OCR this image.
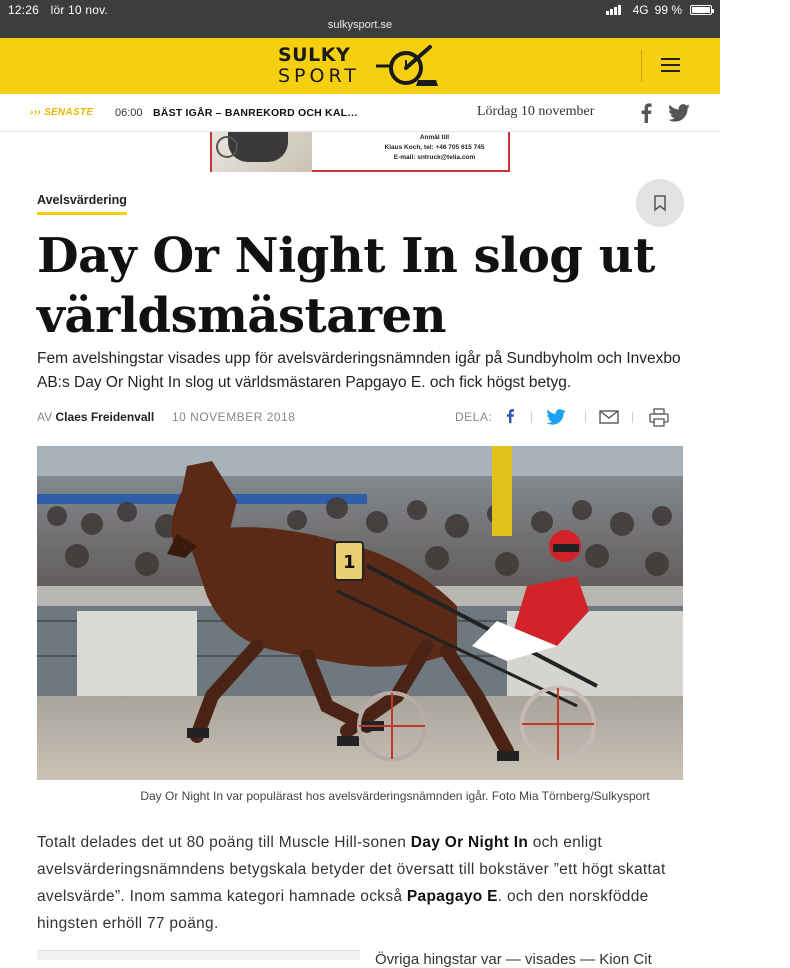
12:26 lör 10 nov.
sulkysport.se
4G 99 %
SULKY
SPORT
››› SENASTE 06:00 BÄST IGÅR – BANREKORD OCH KAL…	Lördag 10 november
Anmäl till
Klaus Koch, tel: +46 705 615 745
E-mail: sntruck@telia.com
Avelsvärdering
Day Or Night In slog ut världsmästaren

Fem avelshingstar visades upp för avelsvärderingsnämnden igår på Sundbyholm och Invexbo AB:s Day Or Night In slog ut världsmästaren Papgayo E. och fick högst betyg.

AV Claes Freidenvall 10 NOVEMBER 2018	DELA:
1
Day Or Night In var populärast hos avelsvärderingsnämnden igår. Foto Mia Törnberg/Sulkysport
Totalt delades det ut 80 poäng till Muscle Hill-sonen Day Or Night In och enligt avelsvärderingsnämndens betygskala betyder det översatt till bokstäver ”ett högt skattat avelsvärde”. Inom samma kategori hamnade också Papagayo E. och den norskfödde hingsten erhöll 77 poäng.
Övriga hingstar var — visades — Kion Cit
